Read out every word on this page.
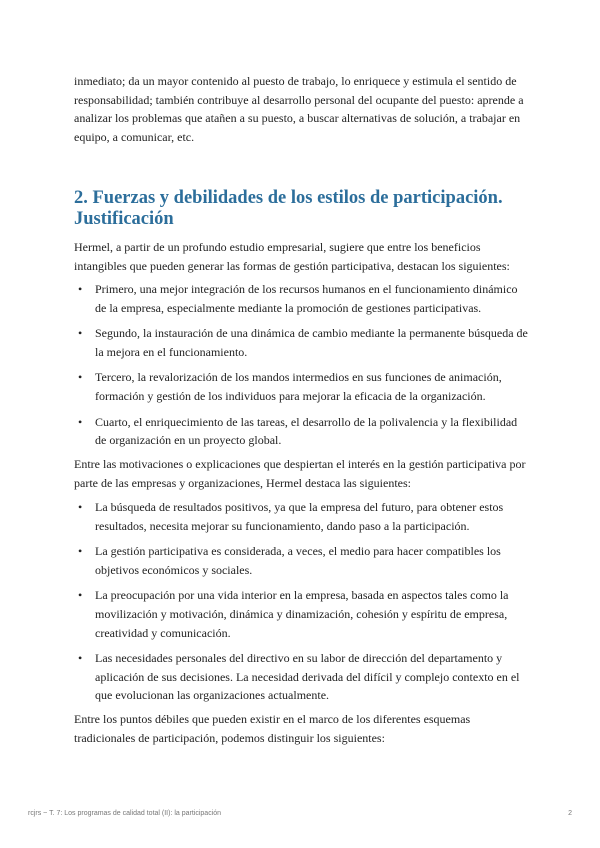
inmediato; da un mayor contenido al puesto de trabajo, lo enriquece y estimula el sentido de responsabilidad; también contribuye al desarrollo personal del ocupante del puesto: aprende a analizar los problemas que atañen a su puesto, a buscar alternativas de solución, a trabajar en equipo, a comunicar, etc.

2. Fuerzas y debilidades de los estilos de participación. Justificación

Hermel, a partir de un profundo estudio empresarial, sugiere que entre los beneficios intangibles que pueden generar las formas de gestión participativa, destacan los siguientes:

• Primero, una mejor integración de los recursos humanos en el funcionamiento dinámico de la empresa, especialmente mediante la promoción de gestiones participativas.
• Segundo, la instauración de una dinámica de cambio mediante la permanente búsqueda de la mejora en el funcionamiento.
• Tercero, la revalorización de los mandos intermedios en sus funciones de animación, formación y gestión de los individuos para mejorar la eficacia de la organización.
• Cuarto, el enriquecimiento de las tareas, el desarrollo de la polivalencia y la flexibilidad de organización en un proyecto global.

Entre las motivaciones o explicaciones que despiertan el interés en la gestión participativa por parte de las empresas y organizaciones, Hermel destaca las siguientes:

• La búsqueda de resultados positivos, ya que la empresa del futuro, para obtener estos resultados, necesita mejorar su funcionamiento, dando paso a la participación.
• La gestión participativa es considerada, a veces, el medio para hacer compatibles los objetivos económicos y sociales.
• La preocupación por una vida interior en la empresa, basada en aspectos tales como la movilización y motivación, dinámica y dinamización, cohesión y espíritu de empresa, creatividad y comunicación.
• Las necesidades personales del directivo en su labor de dirección del departamento y aplicación de sus decisiones. La necesidad derivada del difícil y complejo contexto en el que evolucionan las organizaciones actualmente.

Entre los puntos débiles que pueden existir en el marco de los diferentes esquemas tradicionales de participación, podemos distinguir los siguientes:

rcjrs ~ T. 7: Los programas de calidad total (II): la participación	2
